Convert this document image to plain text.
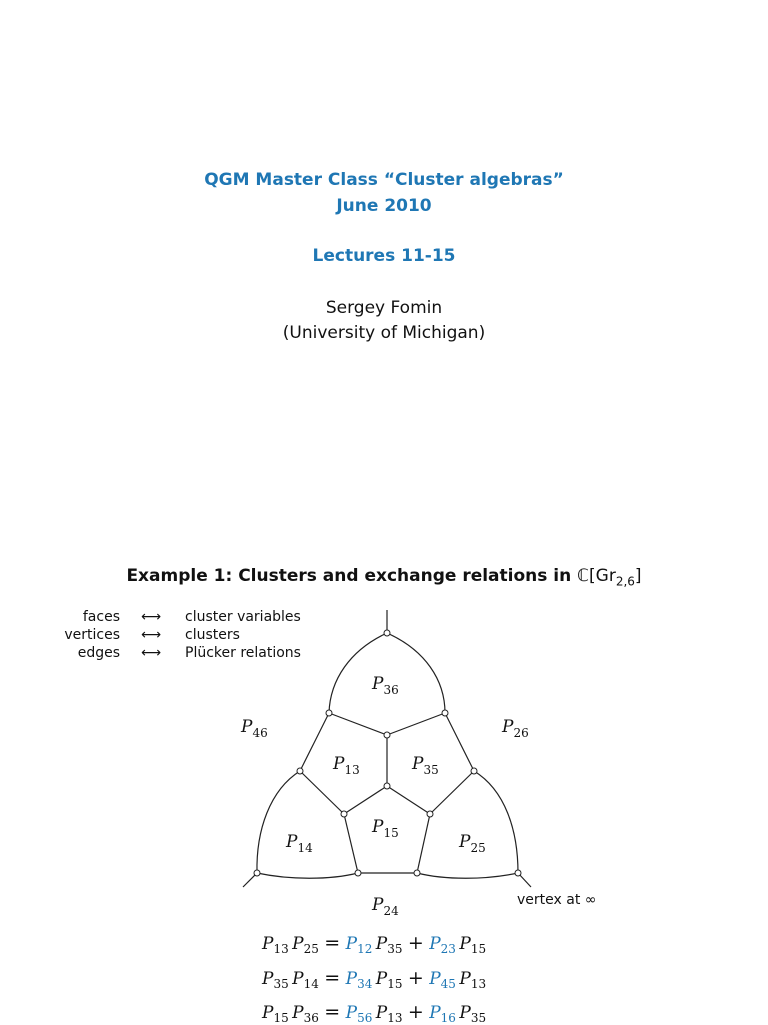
QGM Master Class “Cluster algebras”
June 2010
Lectures 11-15
Sergey Fomin
(University of Michigan)
Example 1: Clusters and exchange relations in $ℂ[Gr_{2,6}]$
faces	⟷	cluster variables
vertices	⟷	clusters
edges	⟷	Plücker relations
$P_{36}$
$P_{46}$	$P_{26}$
$P_{13}$	$P_{35}$
$P_{15}$
$P_{14}$	$P_{25}$
$P_{24}$
vertex at ∞
$P_{13}$  $P_{25} = P_{12}$  $P_{35} + P_{23}$  $P_{15}$
$P_{35}$  $P_{14} = P_{34}$  $P_{15} + P_{45}$  $P_{13}$
$P_{15}$  $P_{36} = P_{56}$  $P_{13} + P_{16}$  $P_{35}$
